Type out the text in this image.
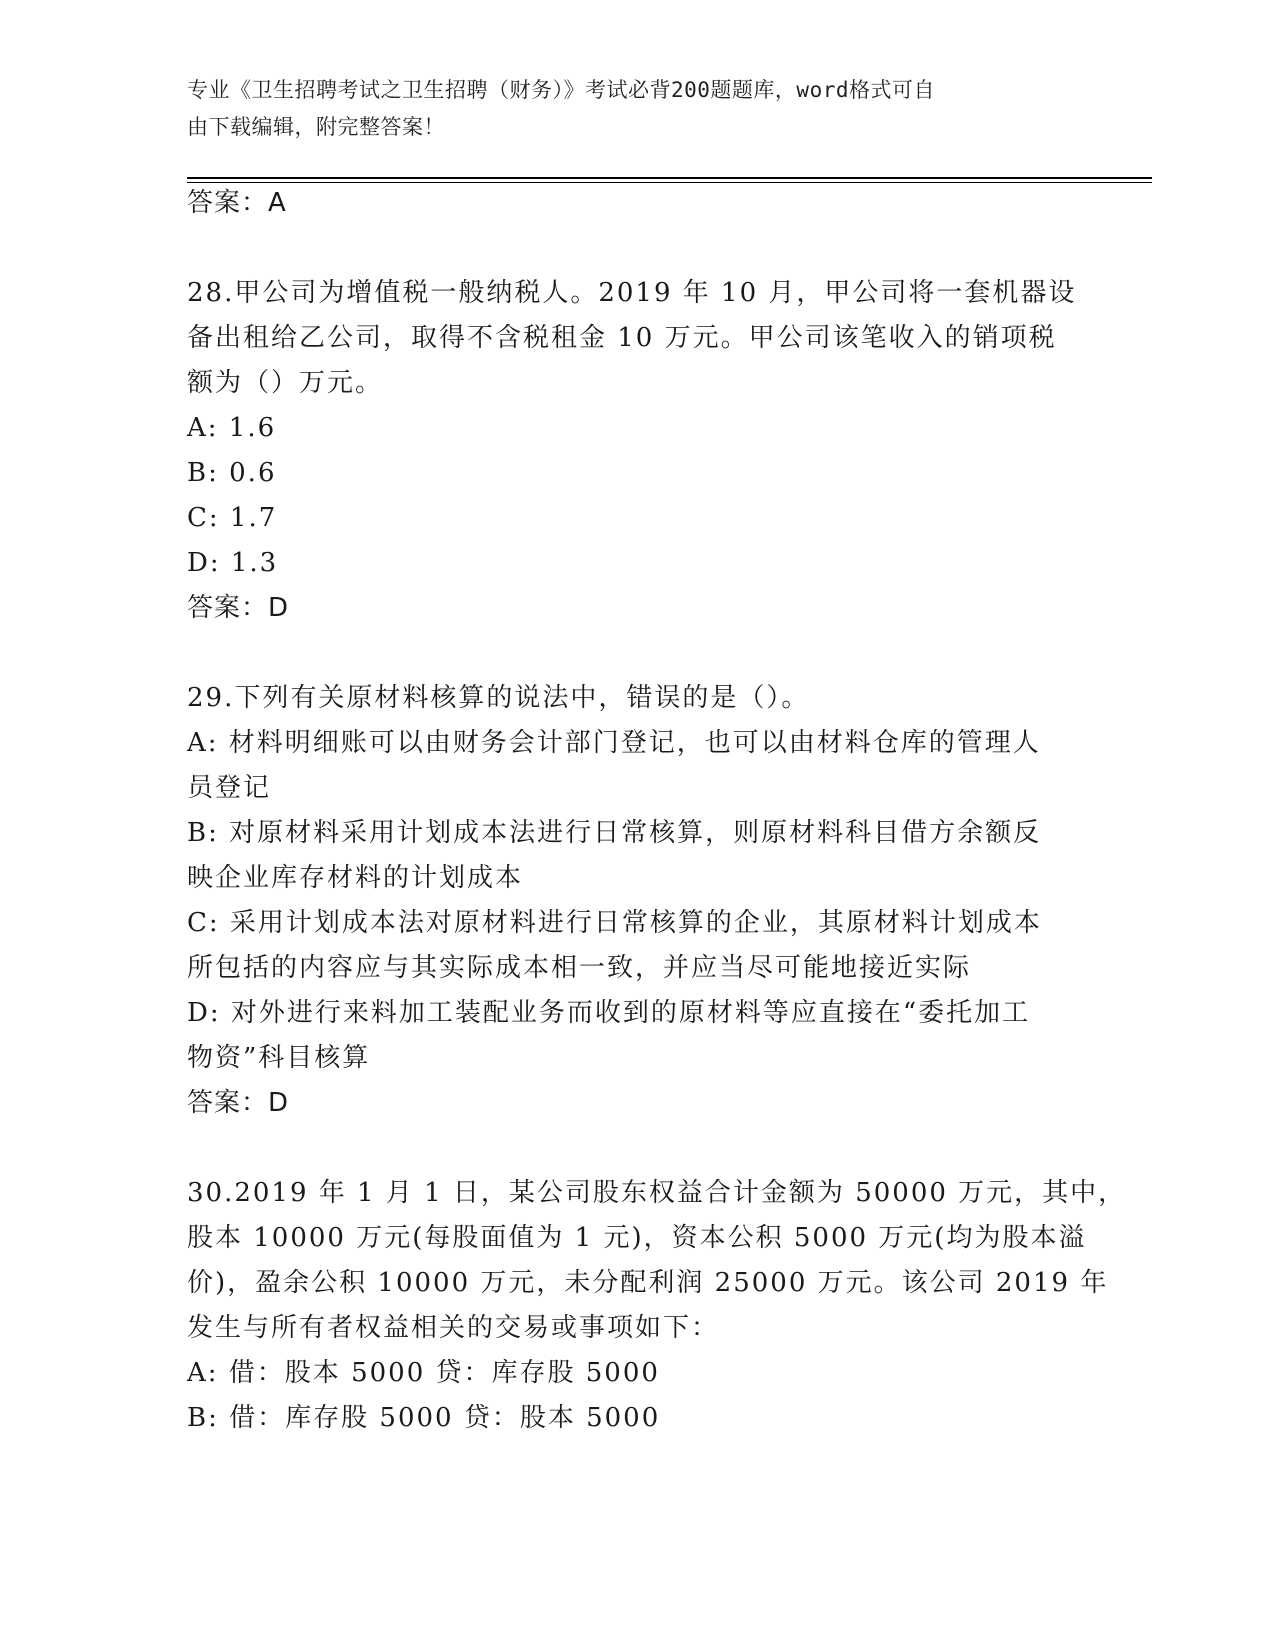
专业《卫生招聘考试之卫生招聘（财务）》考试必背200题题库，word格式可自
由下载编辑，附完整答案！
答案：A
28.甲公司为增值税一般纳税人。2019 年 10 月，甲公司将一套机器设
备出租给乙公司，取得不含税租金 10 万元。甲公司该笔收入的销项税
额为（）万元。
A: 1.6
B: 0.6
C: 1.7
D: 1.3
答案：D
29.下列有关原材料核算的说法中，错误的是（）。
A: 材料明细账可以由财务会计部门登记，也可以由材料仓库的管理人
员登记
B: 对原材料采用计划成本法进行日常核算，则原材料科目借方余额反
映企业库存材料的计划成本
C: 采用计划成本法对原材料进行日常核算的企业，其原材料计划成本
所包括的内容应与其实际成本相一致，并应当尽可能地接近实际
D: 对外进行来料加工装配业务而收到的原材料等应直接在“委托加工
物资”科目核算
答案：D
30.2019 年 1 月 1 日，某公司股东权益合计金额为 50000 万元，其中，
股本 10000 万元(每股面值为 1 元)，资本公积 5000 万元(均为股本溢
价)，盈余公积 10000 万元，未分配利润 25000 万元。该公司 2019 年
发生与所有者权益相关的交易或事项如下：
A: 借：股本 5000 贷：库存股 5000
B: 借：库存股 5000 贷：股本 5000
